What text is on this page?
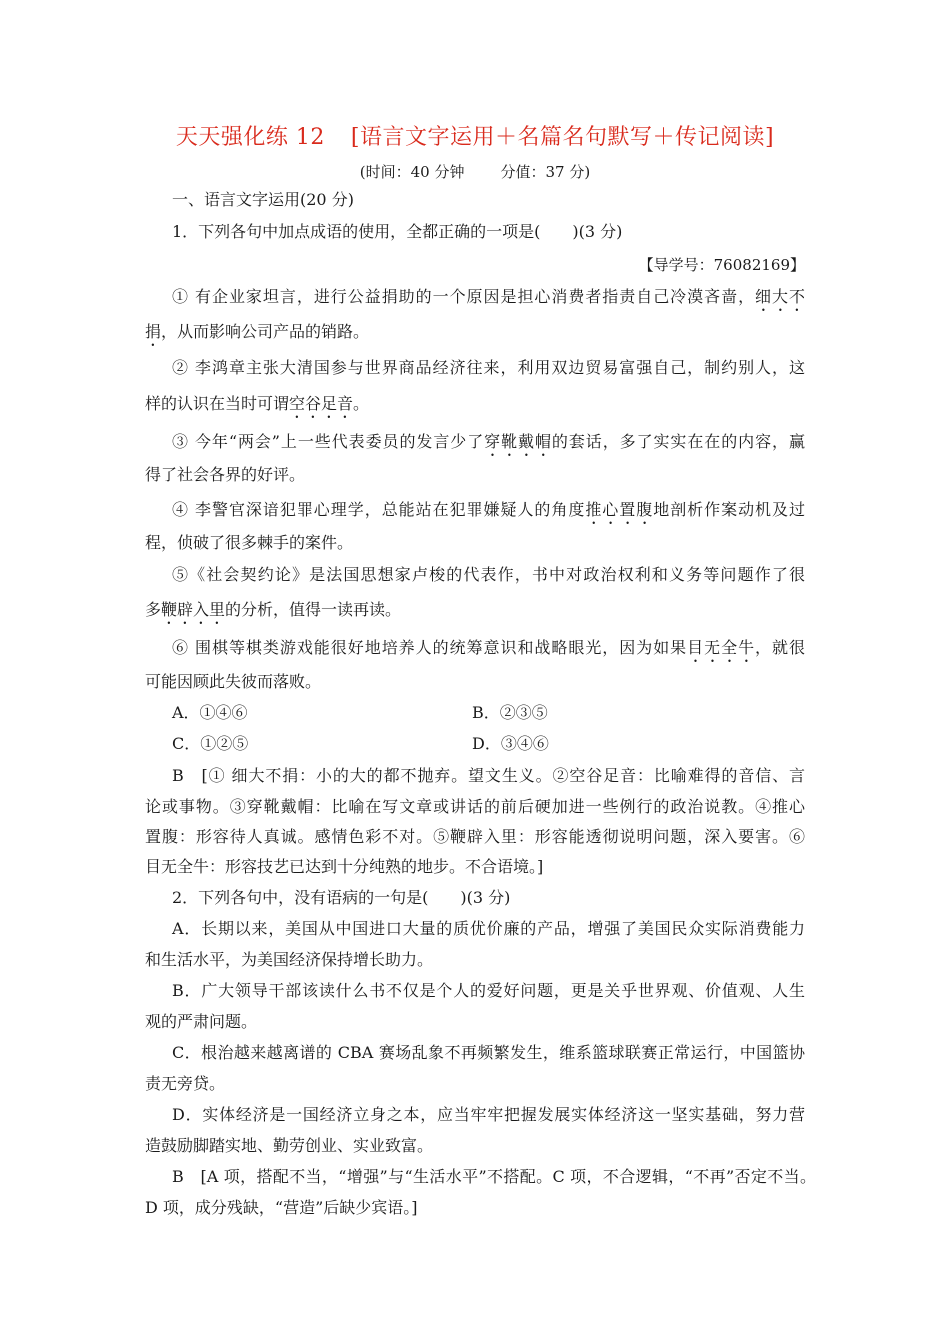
天天强化练 12 [语言文字运用＋名篇名句默写＋传记阅读]
(时间：40 分钟 分值：37 分)
一、语言文字运用(20 分)
1．下列各句中加点成语的使用，全都正确的一项是(　　)(3 分)
【导学号：76082169】
① 有企业家坦言，进行公益捐助的一个原因是担心消费者指责自己冷漠吝啬，细大不
捐，从而影响公司产品的销路。
② 李鸿章主张大清国参与世界商品经济往来，利用双边贸易富强自己，制约别人，这
样的认识在当时可谓空谷足音。
③ 今年“两会”上一些代表委员的发言少了穿靴戴帽的套话，多了实实在在的内容，赢
得了社会各界的好评。
④ 李警官深谙犯罪心理学，总能站在犯罪嫌疑人的角度推心置腹地剖析作案动机及过
程，侦破了很多棘手的案件。
⑤《社会契约论》是法国思想家卢梭的代表作，书中对政治权利和义务等问题作了很
多鞭辟入里的分析，值得一读再读。
⑥ 围棋等棋类游戏能很好地培养人的统筹意识和战略眼光，因为如果目无全牛，就很
可能因顾此失彼而落败。
A．①④⑥	B．②③⑤
C．①②⑤	D．③④⑥
B　[① 细大不捐：小的大的都不抛弃。望文生义。②空谷足音：比喻难得的音信、言
论或事物。③穿靴戴帽：比喻在写文章或讲话的前后硬加进一些例行的政治说教。④推心
置腹：形容待人真诚。感情色彩不对。⑤鞭辟入里：形容能透彻说明问题，深入要害。⑥
目无全牛：形容技艺已达到十分纯熟的地步。不合语境。]
2．下列各句中，没有语病的一句是(　　)(3 分)
A．长期以来，美国从中国进口大量的质优价廉的产品，增强了美国民众实际消费能力
和生活水平，为美国经济保持增长助力。
B．广大领导干部该读什么书不仅是个人的爱好问题，更是关乎世界观、价值观、人生
观的严肃问题。
C．根治越来越离谱的 CBA 赛场乱象不再频繁发生，维系篮球联赛正常运行，中国篮协
责无旁贷。
D．实体经济是一国经济立身之本，应当牢牢把握发展实体经济这一坚实基础，努力营
造鼓励脚踏实地、勤劳创业、实业致富。
B　[A 项，搭配不当，“增强”与“生活水平”不搭配。C 项，不合逻辑，“不再”否定不当。
D 项，成分残缺，“营造”后缺少宾语。]
